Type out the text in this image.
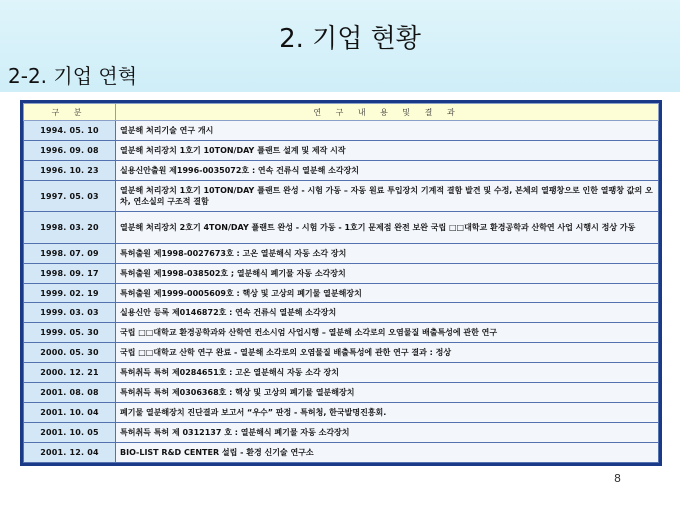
2. 기업 현황
2-2. 기업 연혁
구 분	연 구 내 용 및 결 과
1994. 05. 10	열분해 처리기술 연구 개시
1996. 09. 08	열분해 처리장치 1호기 10TON/DAY 플랜트 설계 및 제작 시작
1996. 10. 23	실용신안출원 제1996-0035072호 : 연속 건류식 열분해 소각장치
1997. 05. 03	열분해 처리장치 1호기 10TON/DAY 플랜트 완성 - 시험 가동 – 자동 원료 투입장치 기계적 결함 발견 및 수정, 본체의 열팽창으로 인한 열팽창 값의 오차, 연소실의 구조적 결함
1998. 03. 20	열분해 처리장치 2호기 4TON/DAY 플랜트 완성 - 시험 가동 - 1호기 문제점 완전 보완 국립 □□대학교 환경공학과 산학연 사업 시행시 정상 가동
1998. 07. 09	특허출원 제1998-0027673호 : 고온 열분해식 자동 소각 장치
1998. 09. 17	특허출원 제1998-038502호 ; 열분해식 폐기물 자동 소각장치
1999. 02. 19	특허출원 제1999-0005609호 : 핵상 및 고상의 폐기물 열분해장치
1999. 03. 03	실용신안 등록 제0146872호 : 연속 건류식 열분해 소각장치
1999. 05. 30	국립 □□대학교 환경공학과와 산학연 컨소시엄 사업시행 – 열분해 소각로의 오염물질 배출특성에 관한 연구
2000. 05. 30	국립 □□대학교 산학 연구 완료 - 열분해 소각로의 오염물질 배출특성에 관한 연구 결과 : 정상
2000. 12. 21	특허취득 특허 제0284651호 : 고온 열분해식 자동 소각 장치
2001. 08. 08	특허취득 특허 제0306368호 : 핵상 및 고상의 폐기물 열분해장치
2001. 10. 04	폐기물 열분해장치 진단결과 보고서 “우수” 판정 - 특허청, 한국발명진흥회.
2001. 10. 05	특허취득 특허 제 0312137 호 : 열분해식 폐기물 자동 소각장치
2001. 12. 04	BIO-LIST R&D CENTER 설립 - 환경 신기술 연구소
8
